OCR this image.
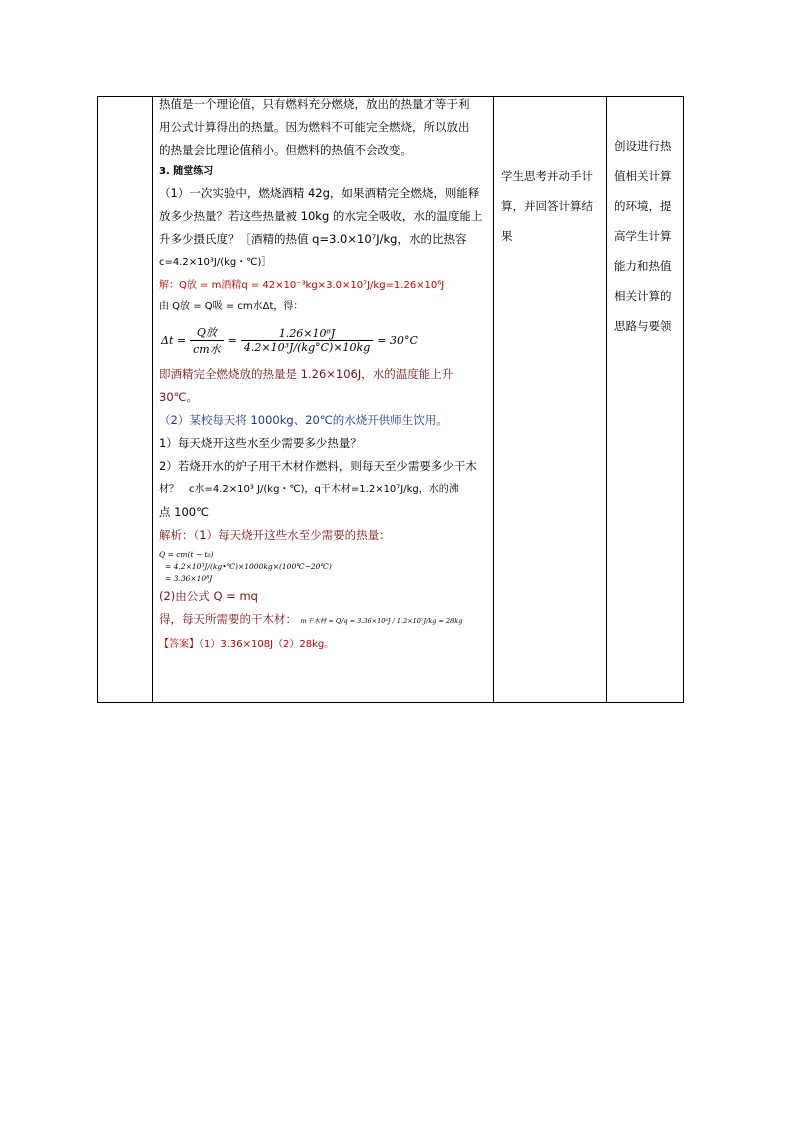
热值是一个理论值，只有燃料充分燃烧，放出的热量才等于利

用公式计算得出的热量。因为燃料不可能完全燃烧，所以放出

的热量会比理论值稍小。但燃料的热值不会改变。

3. 随堂练习

（1）一次实验中，燃烧酒精 42g，如果酒精完全燃烧，则能释

放多少热量？若这些热量被 10kg 的水完全吸收，水的温度能上

升多少摄氏度？［酒精的热值 q=3.0×10⁷J/kg，水的比热容

c=4.2×10³J/(kg・℃)］

解：Q放 = m酒精q = 42×10⁻³kg×3.0×10⁷J/kg=1.26×10⁶J

由 Q放 = Q吸 = cm水Δt，得：

$\Delta t = \frac{\text{Q放}}{\text{cm水}} = \frac{\text{1.26×10⁶J}}{\text{4.2×10³J/(kg°C)×10kg}} = 30^\circ C$

即酒精完全燃烧放的热量是 1.26×106J，水的温度能上升

30℃。

（2）某校每天将 1000kg、20℃的水烧开供师生饮用。

1）每天烧开这些水至少需要多少热量？

2）若烧开水的炉子用干木材作燃料，则每天至少需要多少干木

材？　c水=4.2×10³ J/(kg・℃)，q干木材=1.2×10⁷J/kg，水的沸

点 100℃

解析：（1）每天烧开这些水至少需要的热量：

Q = cm(t − t₀)

= 4.2×10³J/(kg•℃)×1000kg×(100℃−20℃)

= 3.36×10⁸J

(2)由公式 Q = mq

得，每天所需要的干木材： m干木材 = Q/q = 3.36×10⁸J / 1.2×10⁷J/kg = 28kg

【答案】（1）3.36×108J（2）28kg。

学生思考并动手计
算，并回答计算结
果
创设进行热
值相关计算
的环境，提
高学生计算
能力和热值
相关计算的
思路与要领
